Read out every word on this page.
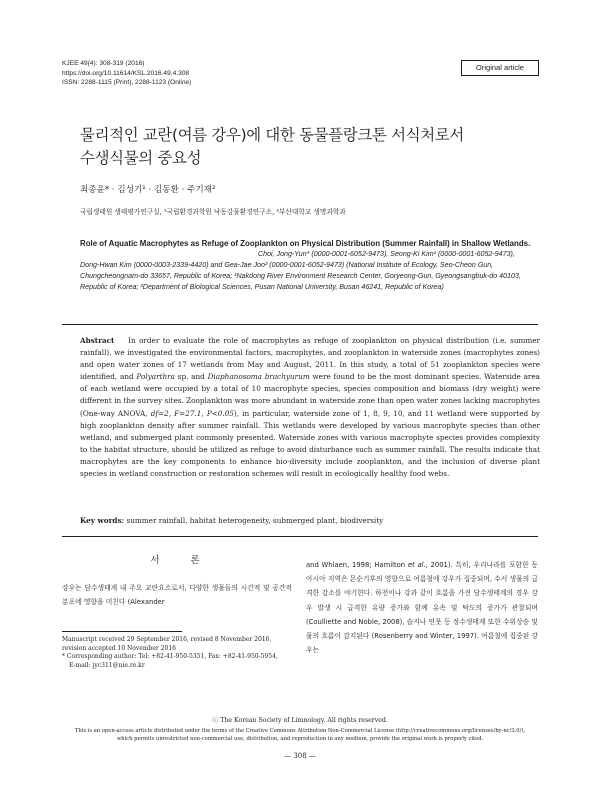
KJEE 49(4): 308-319 (2016)
https://doi.org/10.11614/KSL.2016.49.4.308
ISSN: 2288-1115 (Print), 2288-1123 (Online)
Original article
물리적인 교란(여름 강우)에 대한 동물플랑크톤 서식처로서
수생식물의 중요성
최종윤* · 김성기¹ · 김동환 · 주기재²
국립생태원 생태평가연구실, ¹국립환경과학원 낙동강물환경연구소, ²부산대학교 생명과학과
Role of Aquatic Macrophytes as Refuge of Zooplankton on Physical Distribution (Summer Rainfall) in Shallow Wetlands.
Choi, Jong-Yun* (0000-0001-6052-9473), Seong-Ki Kim¹ (0000-0001-6052-9473), Dong-Hwan Kim (0000-0003-2339-4420) and Gea-Jae Joo² (0000-0001-6052-9473) (National Institute of Ecology, Seo-Cheon Gun, Chungcheongnam-do 33657, Republic of Korea; ¹Nakdong River Environment Research Center, Goryeong-Gun, Gyeongsangbuk-do 40103, Republic of Korea; ²Department of Biological Sciences, Pusan National University, Busan 46241, Republic of Korea)
Abstract In order to evaluate the role of macrophytes as refuge of zooplankton on physical distribution (i.e. summer rainfall), we investigated the environmental factors, macrophytes, and zooplankton in waterside zones (macrophytes zones) and open water zones of 17 wetlands from May and August, 2011. In this study, a total of 51 zooplankton species were identified, and Polyarthra sp. and Diaphanosoma brachyurum were found to be the most dominant species. Waterside area of each wetland were occupied by a total of 10 macrophyte species, species composition and biomass (dry weight) were different in the survey sites. Zooplankton was more abundant in waterside zone than open water zones lacking macrophytes (One-way ANOVA, df=2, F=27.1, P<0.05), in particular, waterside zone of 1, 8, 9, 10, and 11 wetland were supported by high zooplankton density after summer rainfall. This wetlands were developed by various macrophyte species than other wetland, and submerged plant commonly presented. Waterside zones with various macrophyte species provides complexity to the habitat structure, should be utilized as refuge to avoid disturbance such as summer rainfall. The results indicate that macrophytes are the key components to enhance bio-diversity include zooplankton, and the inclusion of diverse plant species in wetland construction or restoration schemes will result in ecologically healthy food webs.
Key words: summer rainfall, habitat heterogeneity, submerged plant, biodiversity
서 론
강우는 담수생태계 내 주요 교란요소로서, 다양한 생물들의 시간적 및 공간적 분포에 영향을 미친다 (Alexander
and Whlaen, 1998; Hamilton et al., 2001). 특히, 우리나라를 포함한 동아시아 지역은 몬순기후의 영향으로 여름철에 강우가 집중되며, 수서 생물의 급격한 감소를 야기한다. 하천이나 강과 같이 흐름을 가진 담수생태계의 경우 강우 발생 시 급격한 유량 증가와 함께 유속 및 탁도의 증가가 관찰되며 (Coulliette and Noble, 2008), 습지나 연못 등 정수생태계 또한 수위상승 및 물의 흐름이 감지된다 (Rosenberry and Winter, 1997). 여름철에 집중된 강우는
Manuscript received 29 September 2016, revised 8 November 2016,
revision accepted 10 November 2016
* Corresponding author: Tel: +82-41-950-5351, Fax: +82-41-950-5954,
E-mail: jyc311@nie.re.kr
ⓒ The Korean Society of Limnology. All rights reserved.
This is an open-access article distributed under the terms of the Creative Commons Attribution Non-Commercial License (http://creativecommons.org/licenses/by-nc/3.0/),
which permits unrestricted non-commercial use, distribution, and reproduction in any medium, provide the original work is properly cited.
— 308 —
